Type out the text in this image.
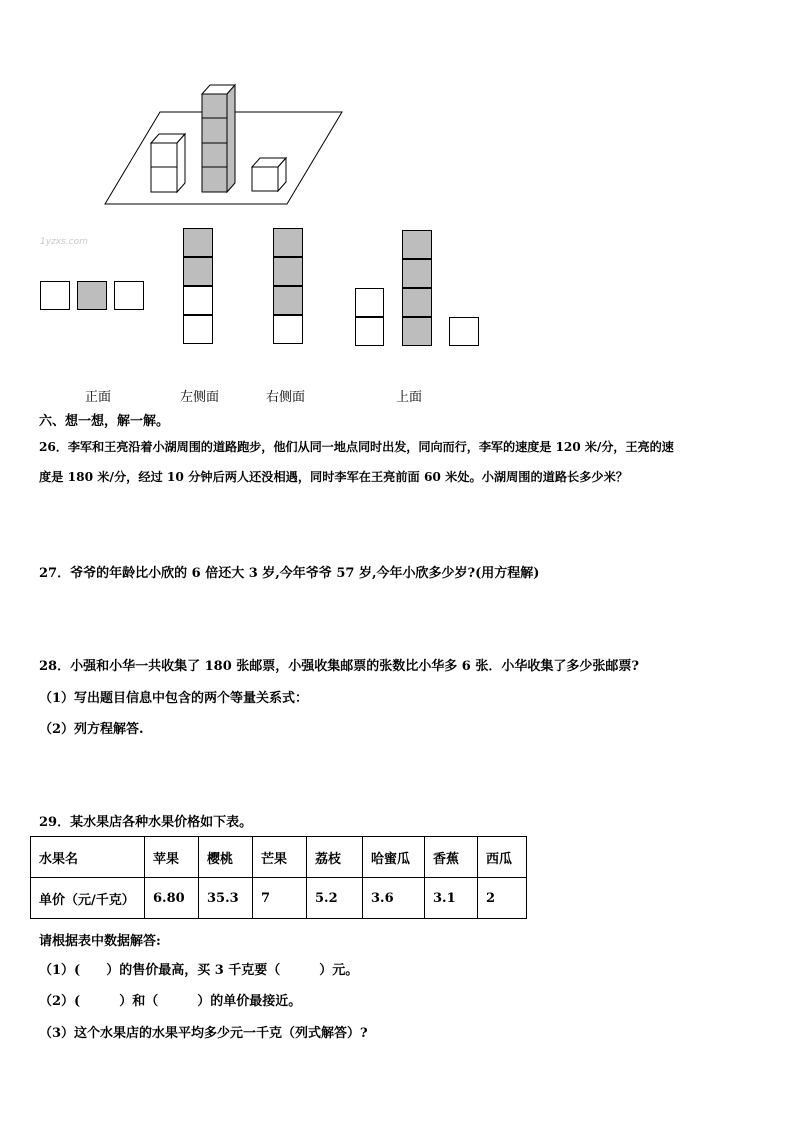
1yzxs.com
正面	左侧面	右侧面	上面
六、想一想，解一解。
26．李军和王亮沿着小湖周围的道路跑步，他们从同一地点同时出发，同向而行，李军的速度是 120 米/分，王亮的速
度是 180 米/分，经过 10 分钟后两人还没相遇，同时李军在王亮前面 60 米处。小湖周围的道路长多少米？
27．爷爷的年龄比小欣的 6 倍还大 3 岁,今年爷爷 57 岁,今年小欣多少岁?(用方程解)
28．小强和小华一共收集了 180 张邮票，小强收集邮票的张数比小华多 6 张．小华收集了多少张邮票?
（1）写出题目信息中包含的两个等量关系式：
（2）列方程解答.
29．某水果店各种水果价格如下表。
水果名	苹果	樱桃	芒果	荔枝	哈蜜瓜	香蕉	西瓜
单价（元/千克）	6.80	35.3	7	5.2	3.6	3.1	2
请根据表中数据解答:
（1）(　　）的售价最高，买 3 千克要（　　　）元。
（2）(　　　）和（　　　）的单价最接近。
（3）这个水果店的水果平均多少元一千克（列式解答）?
